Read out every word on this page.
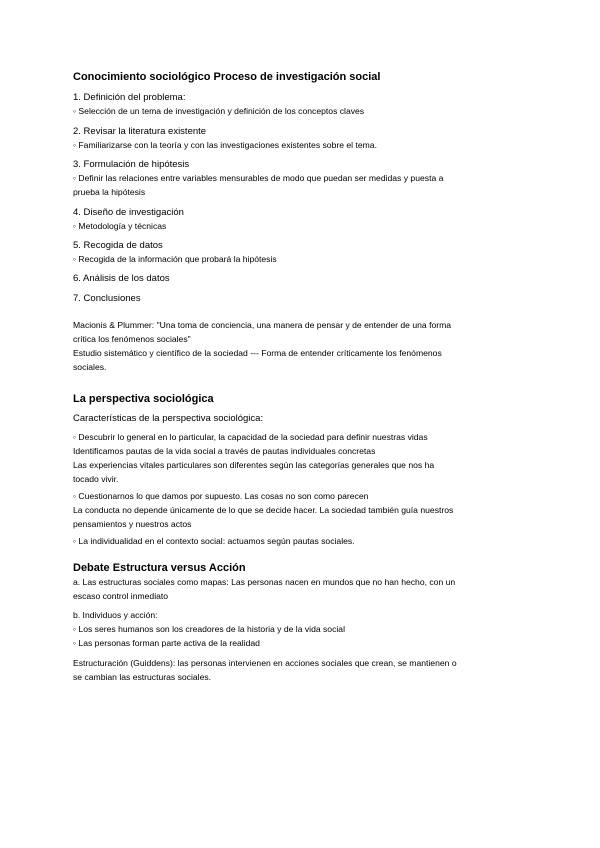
Conocimiento sociológico Proceso de investigación social
1. Definición del problema:
◦ Selección de un tema de investigación y definición de los conceptos claves
2. Revisar la literatura existente
◦ Familiarizarse con la teoría y con las investigaciones existentes sobre el tema.
3. Formulación de hipótesis
◦ Definir las relaciones entre variables mensurables de modo que puedan ser medidas y puesta a
prueba la hipótesis
4. Diseño de investigación
◦ Metodología y técnicas
5. Recogida de datos
◦ Recogida de la información que probará la hipótesis
6. Análisis de los datos
7. Conclusiones
Macionis & Plummer: "Una toma de conciencia, una manera de pensar y de entender de una forma
crítica los fenómenos sociales"
Estudio sistemático y científico de la sociedad --- Forma de entender críticamente los fenómenos
sociales.
La perspectiva sociológica
Características de la perspectiva sociológica:
◦ Descubrir lo general en lo particular, la capacidad de la sociedad para definir nuestras vidas
Identificamos pautas de la vida social a través de pautas individuales concretas
Las experiencias vitales particulares son diferentes según las categorías generales que nos ha
tocado vivir.
◦ Cuestionarnos lo que damos por supuesto. Las cosas no son como parecen
La conducta no depende únicamente de lo que se decide hacer. La sociedad también guía nuestros
pensamientos y nuestros actos
◦ La individualidad en el contexto social: actuamos según pautas sociales.
Debate Estructura versus Acción
a. Las estructuras sociales como mapas: Las personas nacen en mundos que no han hecho, con un
escaso control inmediato
b. Individuos y acción:
◦ Los seres humanos son los creadores de la historia y de la vida social
◦ Las personas forman parte activa de la realidad
Estructuración (Guiddens): las personas intervienen en acciones sociales que crean, se mantienen o
se cambian las estructuras sociales.
